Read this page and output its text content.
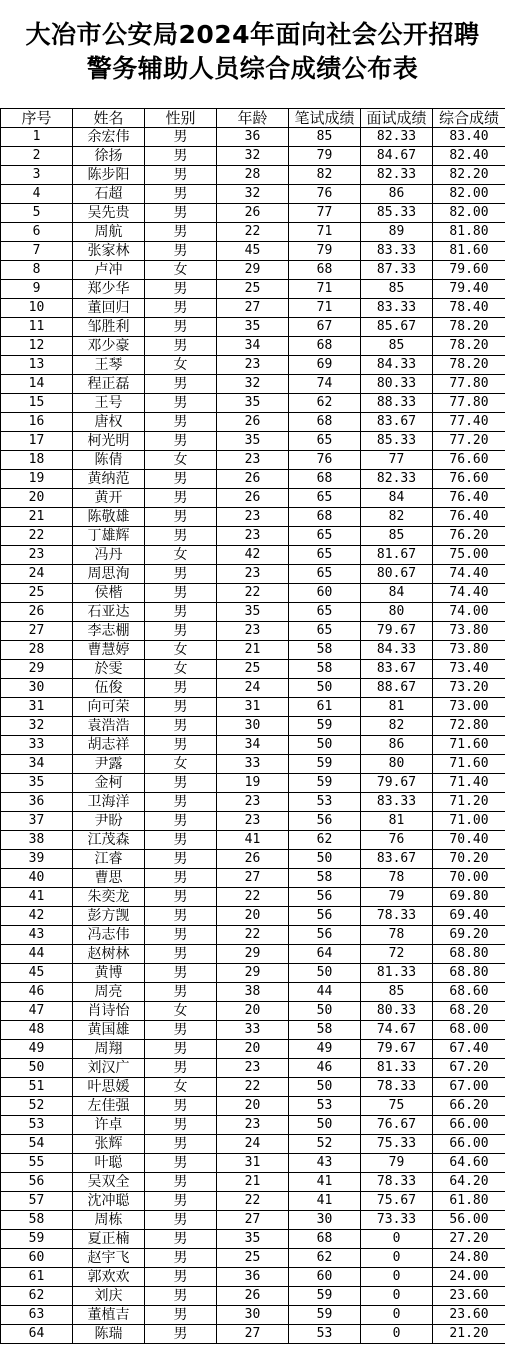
大冶市公安局2024年面向社会公开招聘
警务辅助人员综合成绩公布表
序号	姓名	性别	年龄	笔试成绩	面试成绩	综合成绩
1	余宏伟	男	36	85	82.33	83.40
2	徐扬	男	32	79	84.67	82.40
3	陈步阳	男	28	82	82.33	82.20
4	石超	男	32	76	86	82.00
5	吴先贵	男	26	77	85.33	82.00
6	周航	男	22	71	89	81.80
7	张家林	男	45	79	83.33	81.60
8	卢冲	女	29	68	87.33	79.60
9	郑少华	男	25	71	85	79.40
10	董回归	男	27	71	83.33	78.40
11	邹胜利	男	35	67	85.67	78.20
12	邓少豪	男	34	68	85	78.20
13	王琴	女	23	69	84.33	78.20
14	程正磊	男	32	74	80.33	77.80
15	王号	男	35	62	88.33	77.80
16	唐权	男	26	68	83.67	77.40
17	柯光明	男	35	65	85.33	77.20
18	陈倩	女	23	76	77	76.60
19	黄纳范	男	26	68	82.33	76.60
20	黄开	男	26	65	84	76.40
21	陈敬雄	男	23	68	82	76.40
22	丁雄辉	男	23	65	85	76.20
23	冯丹	女	42	65	81.67	75.00
24	周思洵	男	23	65	80.67	74.40
25	侯楷	男	22	60	84	74.40
26	石亚达	男	35	65	80	74.00
27	李志棚	男	23	65	79.67	73.80
28	曹慧婷	女	21	58	84.33	73.80
29	於雯	女	25	58	83.67	73.40
30	伍俊	男	24	50	88.67	73.20
31	向可荣	男	31	61	81	73.00
32	袁浩浩	男	30	59	82	72.80
33	胡志祥	男	34	50	86	71.60
34	尹露	女	33	59	80	71.60
35	金柯	男	19	59	79.67	71.40
36	卫海洋	男	23	53	83.33	71.20
37	尹盼	男	23	56	81	71.00
38	江茂森	男	41	62	76	70.40
39	江睿	男	26	50	83.67	70.20
40	曹思	男	27	58	78	70.00
41	朱奕龙	男	22	56	79	69.80
42	彭方觊	男	20	56	78.33	69.40
43	冯志伟	男	22	56	78	69.20
44	赵树林	男	29	64	72	68.80
45	黄博	男	29	50	81.33	68.80
46	周亮	男	38	44	85	68.60
47	肖诗怡	女	20	50	80.33	68.20
48	黄国雄	男	33	58	74.67	68.00
49	周翔	男	20	49	79.67	67.40
50	刘汉广	男	23	46	81.33	67.20
51	叶思媛	女	22	50	78.33	67.00
52	左佳强	男	20	53	75	66.20
53	许卓	男	23	50	76.67	66.00
54	张辉	男	24	52	75.33	66.00
55	叶聪	男	31	43	79	64.60
56	吴双全	男	21	41	78.33	64.20
57	沈冲聪	男	22	41	75.67	61.80
58	周栋	男	27	30	73.33	56.00
59	夏正楠	男	35	68	0	27.20
60	赵宇飞	男	25	62	0	24.80
61	郭欢欢	男	36	60	0	24.00
62	刘庆	男	26	59	0	23.60
63	董植吉	男	30	59	0	23.60
64	陈瑞	男	27	53	0	21.20
